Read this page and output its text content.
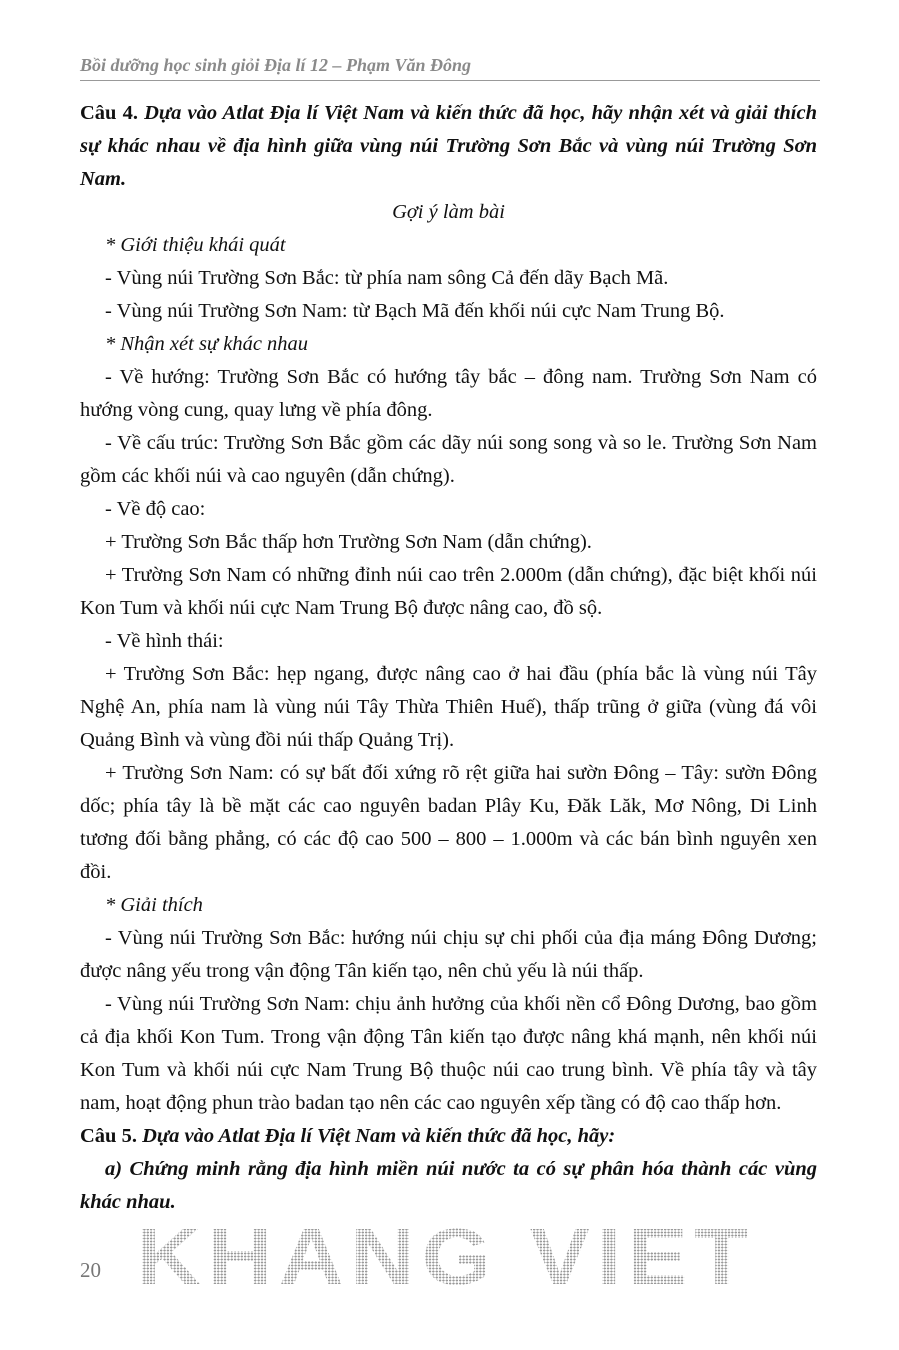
Bồi dưỡng học sinh giỏi Địa lí 12 – Phạm Văn Đông

Câu 4. Dựa vào Atlat Địa lí Việt Nam và kiến thức đã học, hãy nhận xét và giải thích sự khác nhau về địa hình giữa vùng núi Trường Sơn Bắc và vùng núi Trường Sơn Nam.

Gợi ý làm bài

* Giới thiệu khái quát

- Vùng núi Trường Sơn Bắc: từ phía nam sông Cả đến dãy Bạch Mã.

- Vùng núi Trường Sơn Nam: từ Bạch Mã đến khối núi cực Nam Trung Bộ.

* Nhận xét sự khác nhau

- Về hướng: Trường Sơn Bắc có hướng tây bắc – đông nam. Trường Sơn Nam có hướng vòng cung, quay lưng về phía đông.

- Về cấu trúc: Trường Sơn Bắc gồm các dãy núi song song và so le. Trường Sơn Nam gồm các khối núi và cao nguyên (dẫn chứng).

- Về độ cao:

+ Trường Sơn Bắc thấp hơn Trường Sơn Nam (dẫn chứng).

+ Trường Sơn Nam có những đỉnh núi cao trên 2.000m (dẫn chứng), đặc biệt khối núi Kon Tum và khối núi cực Nam Trung Bộ được nâng cao, đồ sộ.

- Về hình thái:

+ Trường Sơn Bắc: hẹp ngang, được nâng cao ở hai đầu (phía bắc là vùng núi Tây Nghệ An, phía nam là vùng núi Tây Thừa Thiên Huế), thấp trũng ở giữa (vùng đá vôi Quảng Bình và vùng đồi núi thấp Quảng Trị).

+ Trường Sơn Nam: có sự bất đối xứng rõ rệt giữa hai sườn Đông – Tây: sườn Đông dốc; phía tây là bề mặt các cao nguyên badan Plây Ku, Đăk Lăk, Mơ Nông, Di Linh tương đối bằng phẳng, có các độ cao 500 – 800 – 1.000m và các bán bình nguyên xen đồi.

* Giải thích

- Vùng núi Trường Sơn Bắc: hướng núi chịu sự chi phối của địa máng Đông Dương; được nâng yếu trong vận động Tân kiến tạo, nên chủ yếu là núi thấp.

- Vùng núi Trường Sơn Nam: chịu ảnh hưởng của khối nền cổ Đông Dương, bao gồm cả địa khối Kon Tum. Trong vận động Tân kiến tạo được nâng khá mạnh, nên khối núi Kon Tum và khối núi cực Nam Trung Bộ thuộc núi cao trung bình. Về phía tây và tây nam, hoạt động phun trào badan tạo nên các cao nguyên xếp tầng có độ cao thấp hơn.

Câu 5. Dựa vào Atlat Địa lí Việt Nam và kiến thức đã học, hãy:

a) Chứng minh rằng địa hình miền núi nước ta có sự phân hóa thành các vùng khác nhau.

KHANG VIET
20
